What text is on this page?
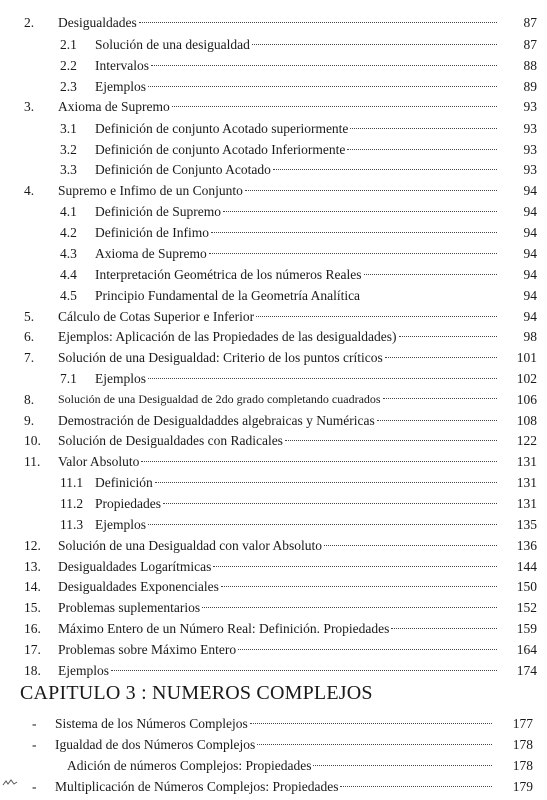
2. Desigualdades	87
2.1 Solución de una desigualdad	87
2.2 Intervalos	88
2.3 Ejemplos	89
3. Axioma de Supremo	93
3.1 Definición de conjunto Acotado superiormente	93
3.2 Definición de conjunto Acotado Inferiormente	93
3.3 Definición de Conjunto Acotado	93
4. Supremo e Infimo de un Conjunto	94
4.1 Definición de Supremo	94
4.2 Definición de Infimo	94
4.3 Axioma de Supremo	94
4.4 Interpretación Geométrica de los números Reales	94
4.5 Principio Fundamental de la Geometría Analítica	94
5. Cálculo de Cotas Superior e Inferior	94
6. Ejemplos: Aplicación de las Propiedades de las desigualdades)	98
7. Solución de una Desigualdad: Criterio de los puntos críticos	101
7.1 Ejemplos	102
8. Solución de una Desigualdad de 2do grado completando cuadrados	106
9. Demostración de Desigualdaddes algebraicas y Numéricas	108
10. Solución de Desigualdades con Radicales	122
11. Valor Absoluto	131
11.1 Definición	131
11.2 Propiedades	131
11.3 Ejemplos	135
12. Solución de una Desigualdad con valor Absoluto	136
13. Desigualdades Logarítmicas	144
14. Desigualdades Exponenciales	150
15. Problemas suplementarios	152
16. Máximo Entero de un Número Real: Definición. Propiedades	159
17. Problemas sobre Máximo Entero	164
18. Ejemplos	174
CAPITULO 3 : NUMEROS COMPLEJOS
- Sistema de los Números Complejos	177
- Igualdad de dos Números Complejos	178
Adición de números Complejos: Propiedades	178
- Multiplicación de Números Complejos: Propiedades	179
